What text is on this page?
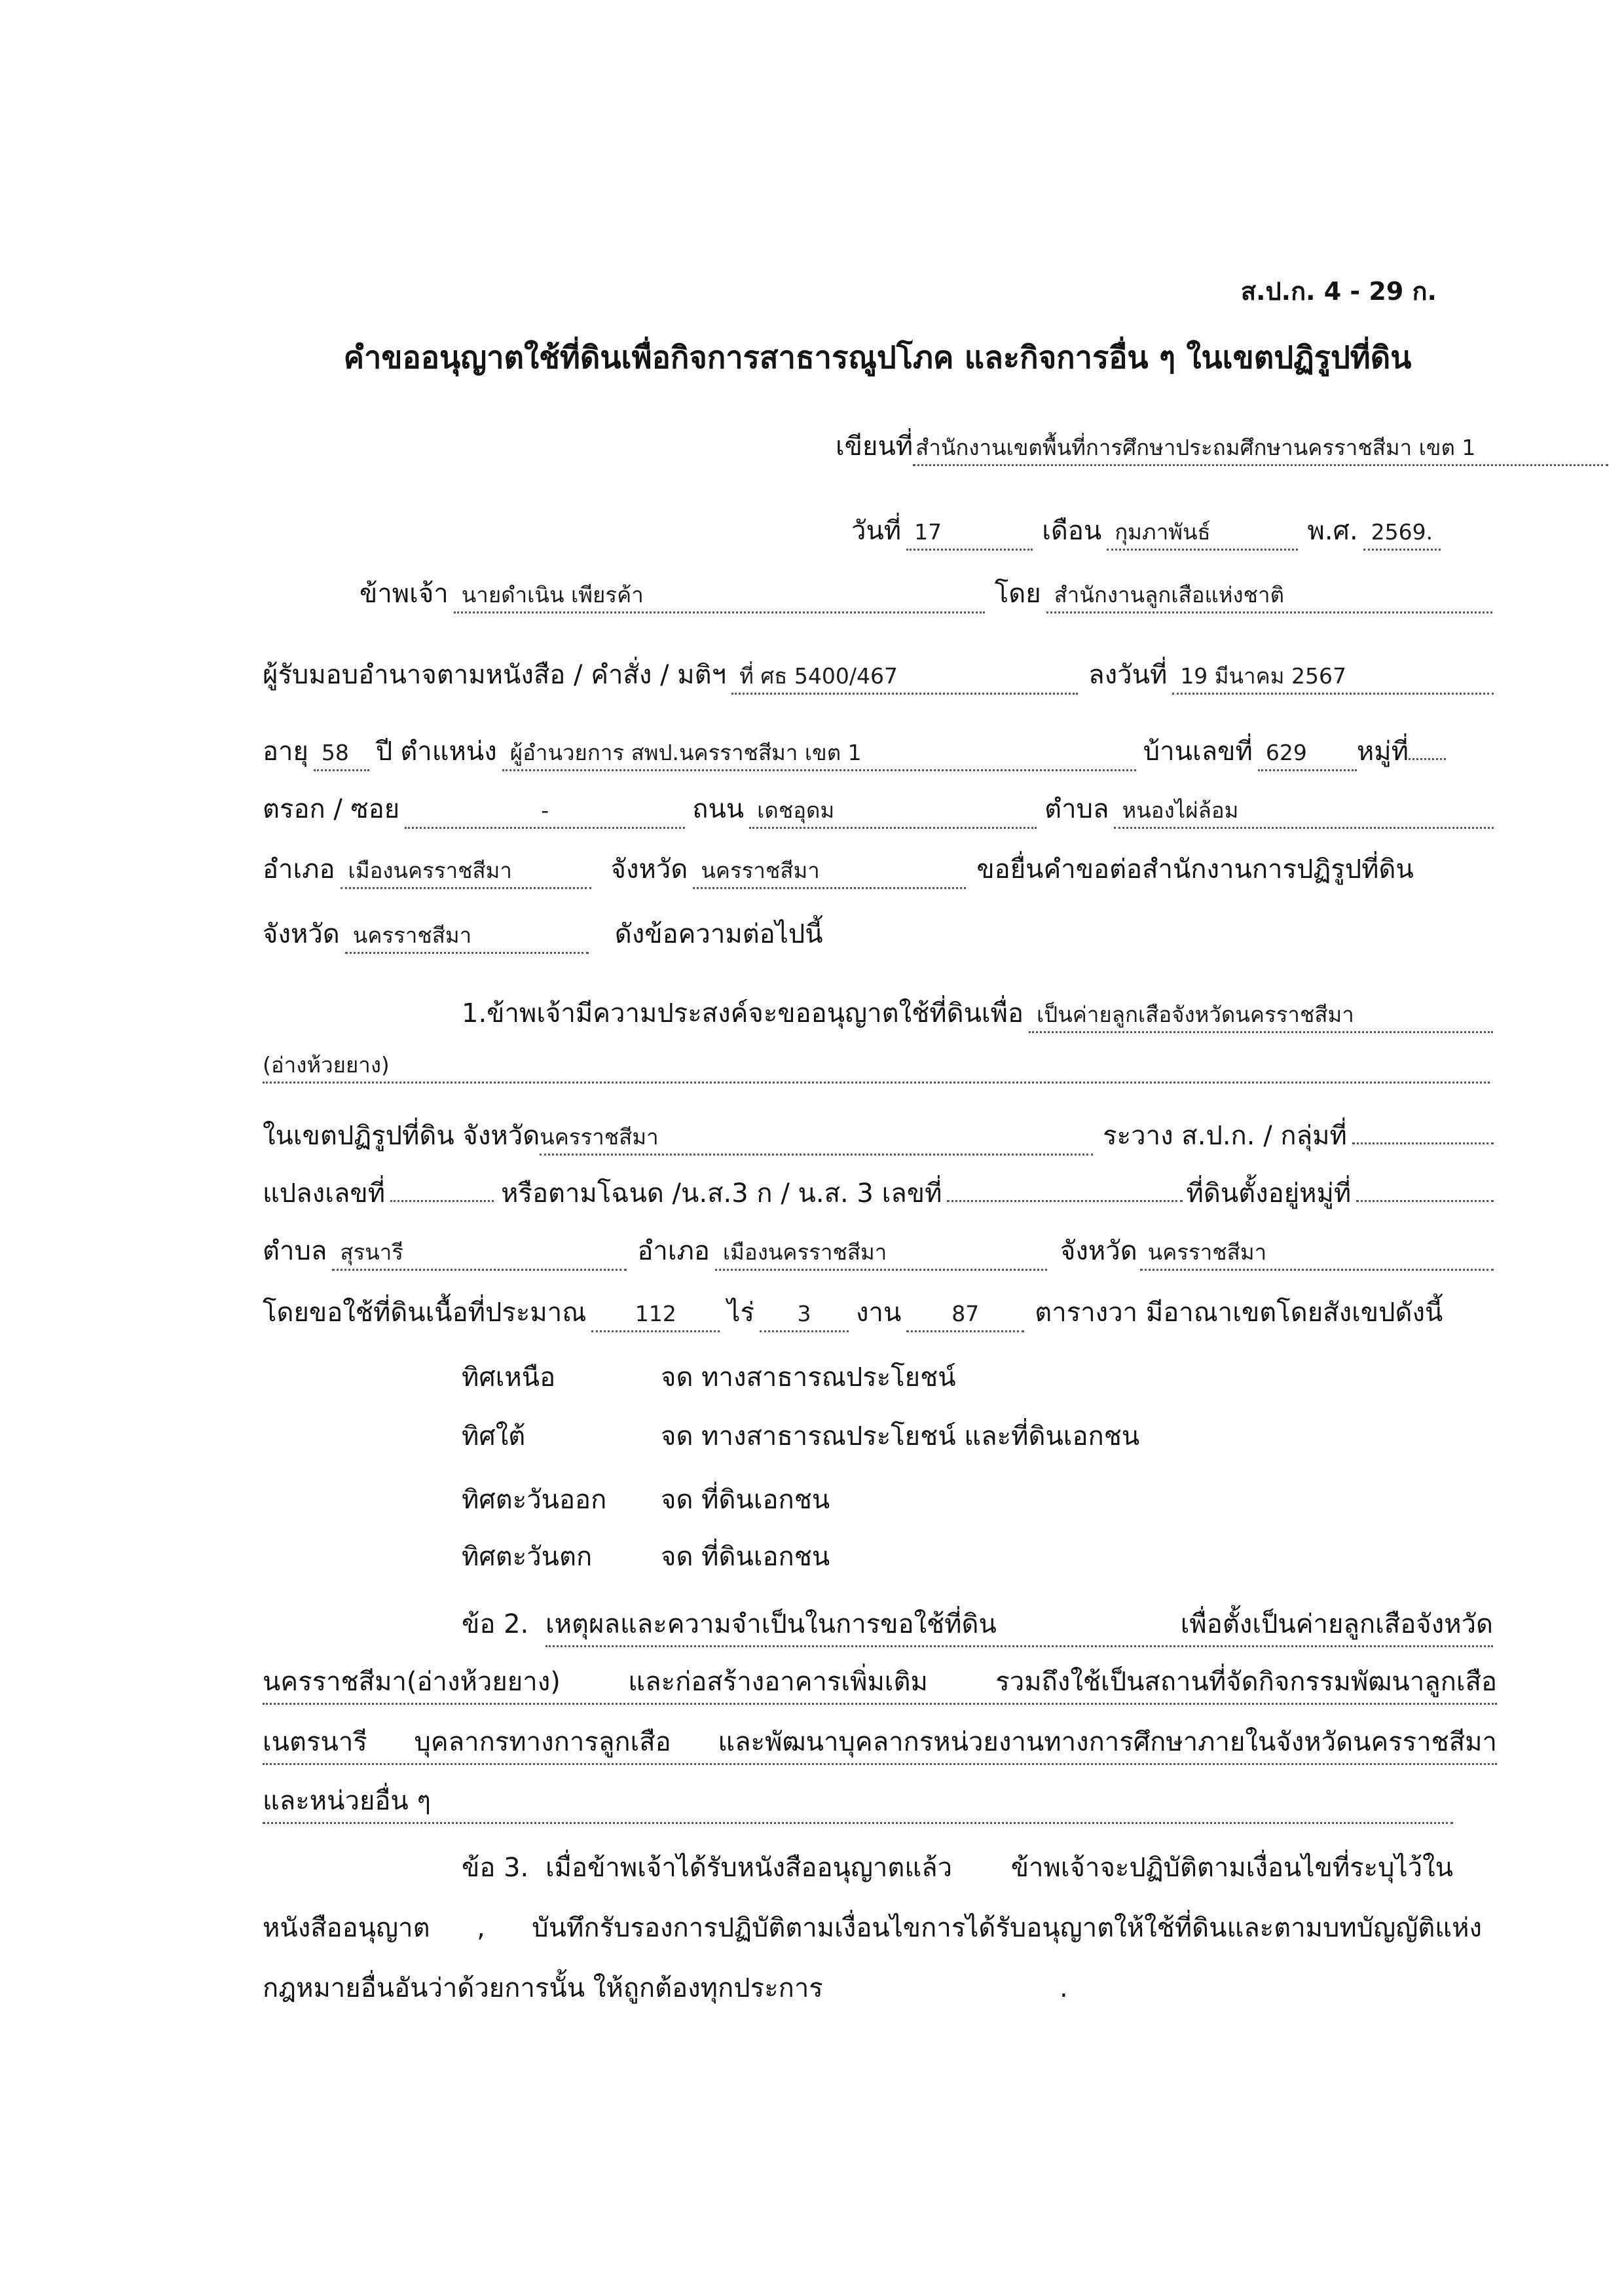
ส.ป.ก. 4 - 29 ก.
คำขออนุญาตใช้ที่ดินเพื่อกิจการสาธารณูปโภค และกิจการอื่น ๆ ในเขตปฏิรูปที่ดิน
เขียนที่ สำนักงานเขตพื้นที่การศึกษาประถมศึกษานครราชสีมา เขต 1
วันที่ 17	เดือน กุมภาพันธ์	พ.ศ. 2569.
ข้าพเจ้า นายดำเนิน เพียรค้า	โดย สำนักงานลูกเสือแห่งชาติ
ผู้รับมอบอำนาจตามหนังสือ / คำสั่ง / มติฯ ที่ ศธ 5400/467	ลงวันที่ 19 มีนาคม 2567
อายุ 58	ปี ตำแหน่ง ผู้อำนวยการ สพป.นครราชสีมา เขต 1	บ้านเลขที่ 629	หมู่ที่
ตรอก / ซอย	-	ถนน เดชอุดม	ตำบล หนองไผ่ล้อม
อำเภอ เมืองนครราชสีมา	จังหวัด นครราชสีมา	ขอยื่นคำขอต่อสำนักงานการปฏิรูปที่ดิน
จังหวัด นครราชสีมา	ดังข้อความต่อไปนี้
1.ข้าพเจ้ามีความประสงค์จะขออนุญาตใช้ที่ดินเพื่อ เป็นค่ายลูกเสือจังหวัดนครราชสีมา
(อ่างห้วยยาง)
ในเขตปฏิรูปที่ดิน จังหวัด นครราชสีมา	ระวาง ส.ป.ก. / กลุ่มที่
แปลงเลขที่	หรือตามโฉนด /น.ส.3 ก / น.ส. 3 เลขที่	ที่ดินตั้งอยู่หมู่ที่
ตำบล สุรนารี	อำเภอ เมืองนครราชสีมา	จังหวัด นครราชสีมา
โดยขอใช้ที่ดินเนื้อที่ประมาณ	112	ไร่	3	งาน	87	ตารางวา มีอาณาเขตโดยสังเขปดังนี้
ทิศเหนือ	จด ทางสาธารณประโยชน์
ทิศใต้	จด ทางสาธารณประโยชน์ และที่ดินเอกชน
ทิศตะวันออก	จด ที่ดินเอกชน
ทิศตะวันตก	จด ที่ดินเอกชน
ข้อ 2. เหตุผลและความจำเป็นในการขอใช้ที่ดิน เพื่อตั้งเป็นค่ายลูกเสือจังหวัด
นครราชสีมา(อ่างห้วยยาง) และก่อสร้างอาคารเพิ่มเติม รวมถึงใช้เป็นสถานที่จัดกิจกรรมพัฒนาลูกเสือ
เนตรนารี บุคลากรทางการลูกเสือ และพัฒนาบุคลากรหน่วยงานทางการศึกษาภายในจังหวัดนครราชสีมา
และหน่วยอื่น ๆ
ข้อ 3. เมื่อข้าพเจ้าได้รับหนังสืออนุญาตแล้ว ข้าพเจ้าจะปฏิบัติตามเงื่อนไขที่ระบุไว้ใน
หนังสืออนุญาต , บันทึกรับรองการปฏิบัติตามเงื่อนไขการได้รับอนุญาตให้ใช้ที่ดินและตามบทบัญญัติแห่ง
กฎหมายอื่นอันว่าด้วยการนั้น ให้ถูกต้องทุกประการ	.
